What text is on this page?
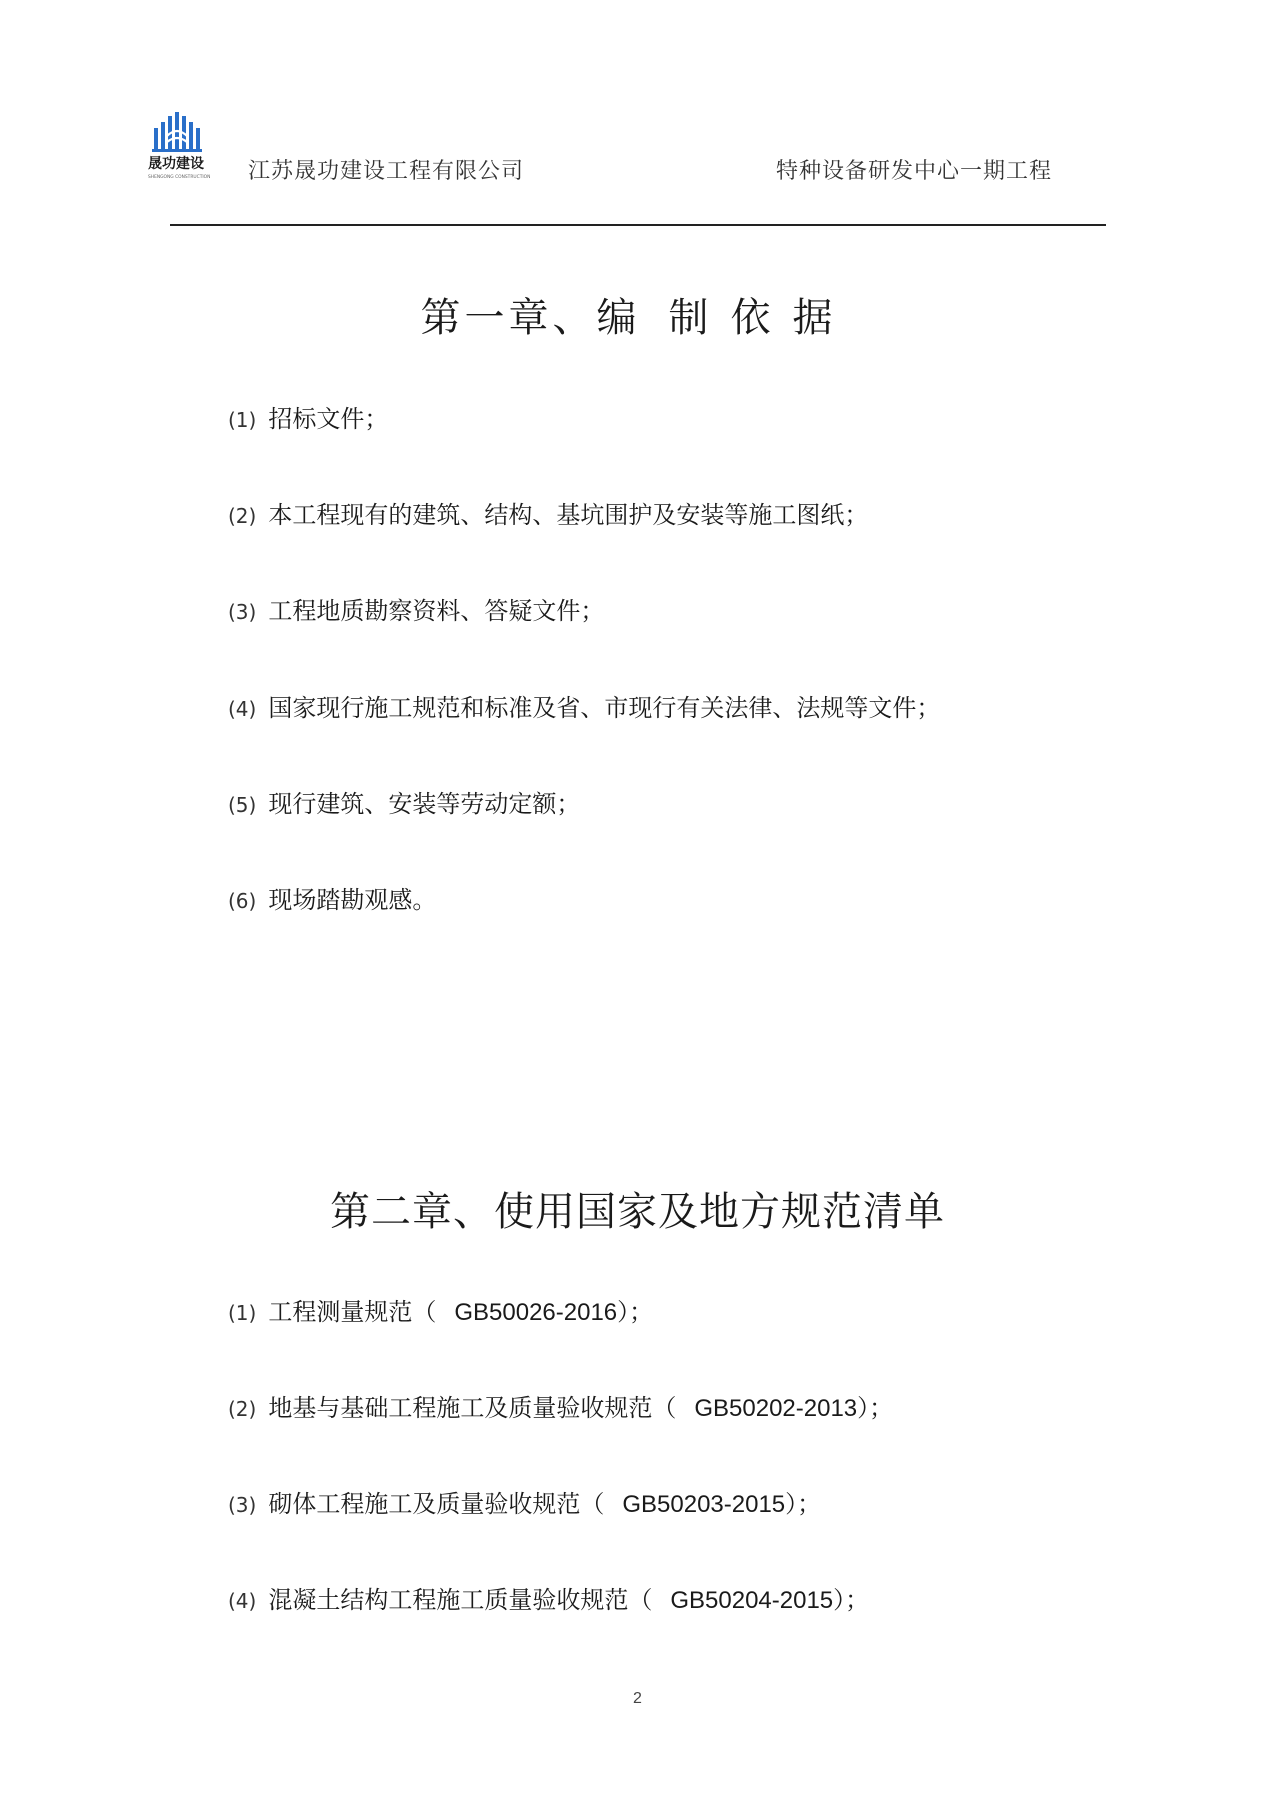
晟功建设
SHENGONG CONSTRUCTION 江苏晟功建设工程有限公司	特种设备研发中心一期工程
第一章、编 制依据
(1) 招标文件；
(2) 本工程现有的建筑、结构、基坑围护及安装等施工图纸；
(3) 工程地质勘察资料、答疑文件；
(4) 国家现行施工规范和标准及省、市现行有关法律、法规等文件；
(5) 现行建筑、安装等劳动定额；
(6) 现场踏勘观感。
第二章、使用国家及地方规范清单
(1) 工程测量规范（ GB50026-2016）；
(2) 地基与基础工程施工及质量验收规范（ GB50202-2013）；
(3) 砌体工程施工及质量验收规范（ GB50203-2015）；
(4) 混凝土结构工程施工质量验收规范（ GB50204-2015）；
2
